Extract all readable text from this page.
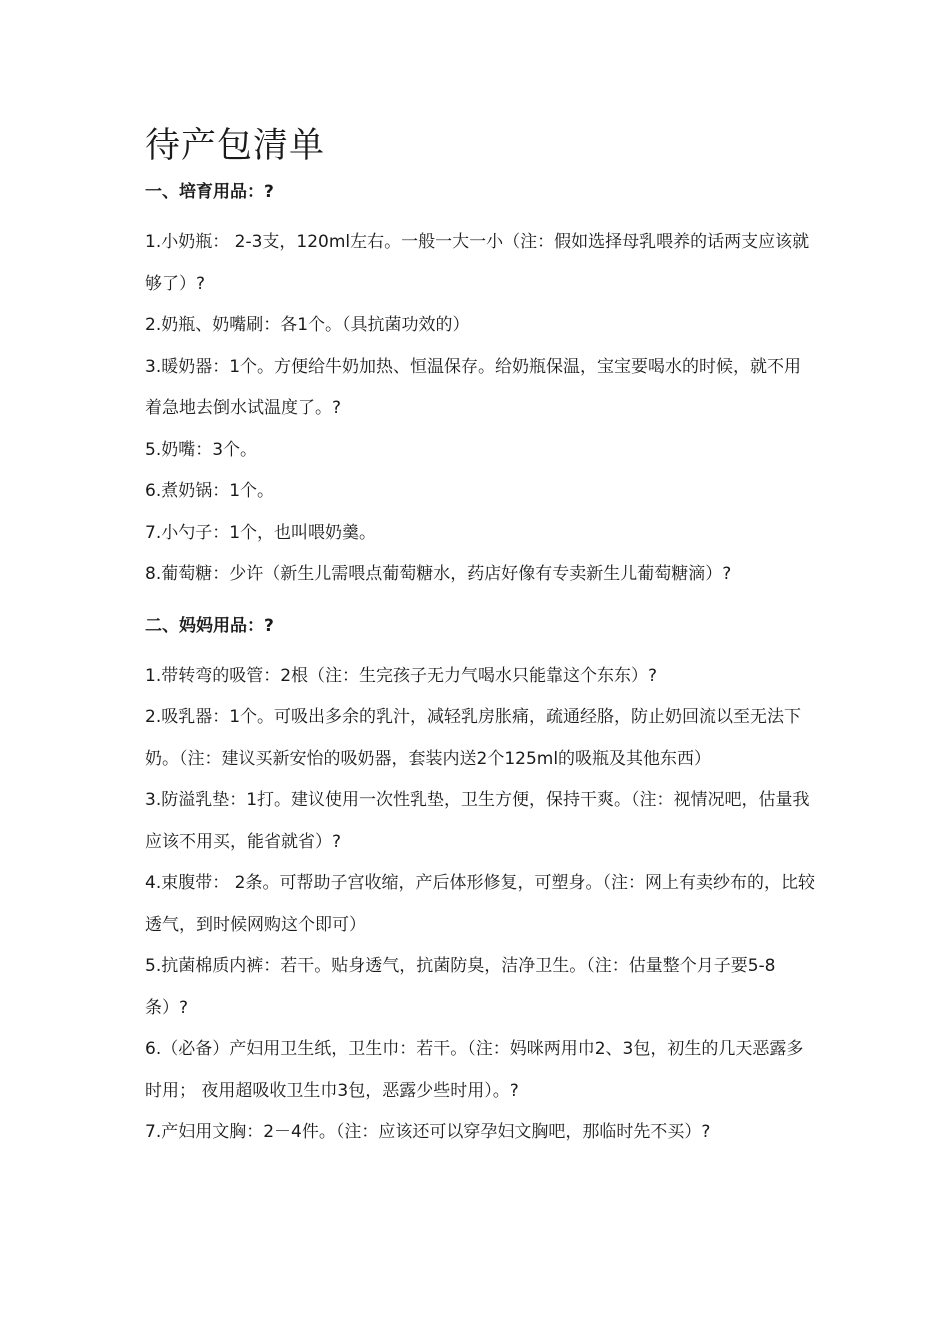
待产包清单
一、培育用品：?

1.小奶瓶： 2-3支，120ml左右。一般一大一小（注：假如选择母乳喂养的话两支应该就够了）?

2.奶瓶、奶嘴刷：各1个。（具抗菌功效的）

3.暖奶器：1个。方便给牛奶加热、恒温保存。给奶瓶保温，宝宝要喝水的时候，就不用着急地去倒水试温度了。?

5.奶嘴：3个。

6.煮奶锅：1个。

7.小勺子：1个，也叫喂奶羹。

8.葡萄糖：少许（新生儿需喂点葡萄糖水，药店好像有专卖新生儿葡萄糖滴）?

二、妈妈用品：?

1.带转弯的吸管：2根（注：生完孩子无力气喝水只能靠这个东东）?

2.吸乳器：1个。可吸出多余的乳汁，减轻乳房胀痛，疏通经胳，防止奶回流以至无法下奶。（注：建议买新安怡的吸奶器，套装内送2个125ml的吸瓶及其他东西）

3.防溢乳垫：1打。建议使用一次性乳垫，卫生方便，保持干爽。（注：视情况吧，估量我应该不用买，能省就省）?

4.束腹带： 2条。可帮助子宫收缩，产后体形修复，可塑身。（注：网上有卖纱布的，比较透气，到时候网购这个即可）

5.抗菌棉质内裤：若干。贴身透气，抗菌防臭，洁净卫生。（注：估量整个月子要5-8条）?

6.（必备）产妇用卫生纸，卫生巾：若干。（注：妈咪两用巾2、3包，初生的几天恶露多时用； 夜用超吸收卫生巾3包，恶露少些时用）。?

7.产妇用文胸：2－4件。（注：应该还可以穿孕妇文胸吧，那临时先不买）?
